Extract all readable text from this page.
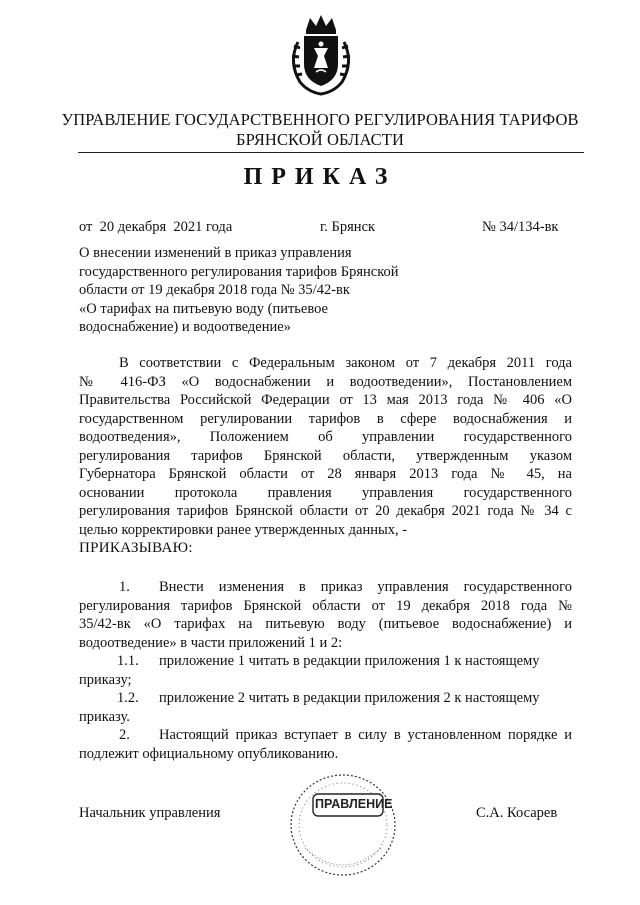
УПРАВЛЕНИЕ ГОСУДАРСТВЕННОГО РЕГУЛИРОВАНИЯ ТАРИФОВ
БРЯНСКОЙ ОБЛАСТИ
ПРИКАЗ
от  20 декабря  2021 года	г. Брянск	№ 34/134-вк
О внесении изменений в приказ управления
государственного регулирования тарифов Брянской
области от 19 декабря 2018 года № 35/42-вк
«О тарифах на питьевую воду (питьевое
водоснабжение) и водоотведение»
В соответствии с Федеральным законом от 7 декабря 2011 года
№ 416-ФЗ «О водоснабжении и водоотведении», Постановлением
Правительства Российской Федерации от 13 мая 2013 года № 406 «О
государственном регулировании тарифов в сфере водоснабжения и
водоотведения», Положением об управлении государственного
регулирования тарифов Брянской области, утвержденным указом
Губернатора Брянской области от 28 января 2013 года № 45, на
основании протокола правления управления государственного
регулирования тарифов Брянской области от 20 декабря 2021 года № 34 с
целью корректировки ранее утвержденных данных, -
ПРИКАЗЫВАЮ:
1.	Внести изменения в приказ управления государственного
регулирования тарифов Брянской области от 19 декабря 2018 года №
35/42-вк «О тарифах на питьевую воду (питьевое водоснабжение) и
водоотведение» в части приложений 1 и 2:
1.1.	приложение 1 читать в редакции приложения 1 к настоящему
приказу;
1.2.	приложение 2 читать в редакции приложения 2 к настоящему
приказу.
2.	Настоящий приказ вступает в силу в установленном порядке и
подлежит официальному опубликованию.
Начальник управления
ПРАВЛЕНИЕ
С.А. Косарев
